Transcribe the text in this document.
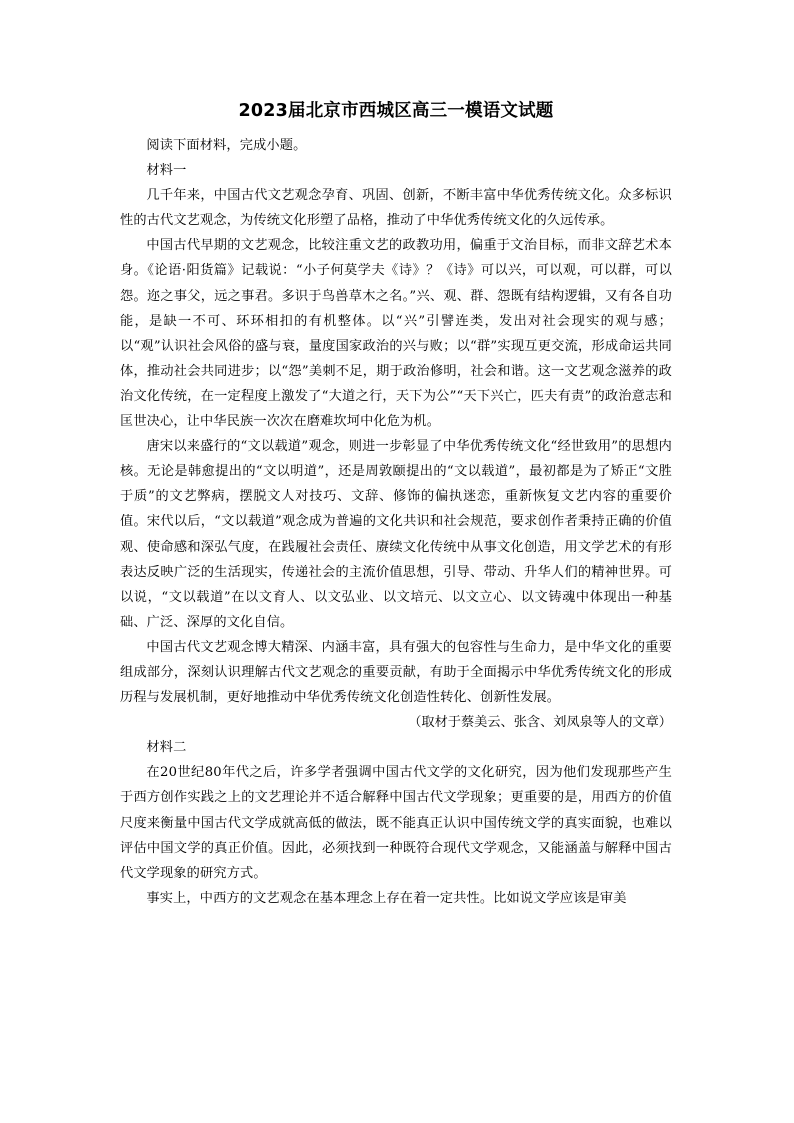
2023届北京市西城区高三一模语文试题

阅读下面材料，完成小题。

材料一

几千年来，中国古代文艺观念孕育、巩固、创新，不断丰富中华优秀传统文化。众多标识性的古代文艺观念，为传统文化形塑了品格，推动了中华优秀传统文化的久远传承。

中国古代早期的文艺观念，比较注重文艺的政教功用，偏重于文治目标，而非文辞艺术本身。《论语·阳货篇》记载说：“小子何莫学夫《诗》？《诗》可以兴，可以观，可以群，可以怨。迩之事父，远之事君。多识于鸟兽草木之名。”兴、观、群、怨既有结构逻辑，又有各自功能，是缺一不可、环环相扣的有机整体。以“兴”引譬连类，发出对社会现实的观与感；以“观”认识社会风俗的盛与衰，量度国家政治的兴与败；以“群”实现互更交流，形成命运共同体，推动社会共同进步；以“怨”美刺不足，期于政治修明，社会和谐。这一文艺观念滋养的政治文化传统，在一定程度上激发了“大道之行，天下为公”“天下兴亡，匹夫有责”的政治意志和匡世决心，让中华民族一次次在磨难坎坷中化危为机。

唐宋以来盛行的“文以载道”观念，则进一步彰显了中华优秀传统文化“经世致用”的思想内核。无论是韩愈提出的“文以明道”，还是周敦颐提出的“文以载道”，最初都是为了矫正“文胜于质”的文艺弊病，摆脱文人对技巧、文辞、修饰的偏执迷恋，重新恢复文艺内容的重要价值。宋代以后，“文以载道”观念成为普遍的文化共识和社会规范，要求创作者秉持正确的价值观、使命感和深弘气度，在践履社会责任、赓续文化传统中从事文化创造，用文学艺术的有形表达反映广泛的生活现实，传递社会的主流价值思想，引导、带动、升华人们的精神世界。可以说，“文以载道”在以文育人、以文弘业、以文培元、以文立心、以文铸魂中体现出一种基础、广泛、深厚的文化自信。

中国古代文艺观念博大精深、内涵丰富，具有强大的包容性与生命力，是中华文化的重要组成部分，深刻认识理解古代文艺观念的重要贡献，有助于全面揭示中华优秀传统文化的形成历程与发展机制，更好地推动中华优秀传统文化创造性转化、创新性发展。

（取材于蔡美云、张含、刘凤泉等人的文章）

材料二

在20世纪80年代之后，许多学者强调中国古代文学的文化研究，因为他们发现那些产生于西方创作实践之上的文艺理论并不适合解释中国古代文学现象；更重要的是，用西方的价值尺度来衡量中国古代文学成就高低的做法，既不能真正认识中国传统文学的真实面貌，也难以评估中国文学的真正价值。因此，必须找到一种既符合现代文学观念，又能涵盖与解释中国古代文学现象的研究方式。

事实上，中西方的文艺观念在基本理念上存在着一定共性。比如说文学应该是审美
